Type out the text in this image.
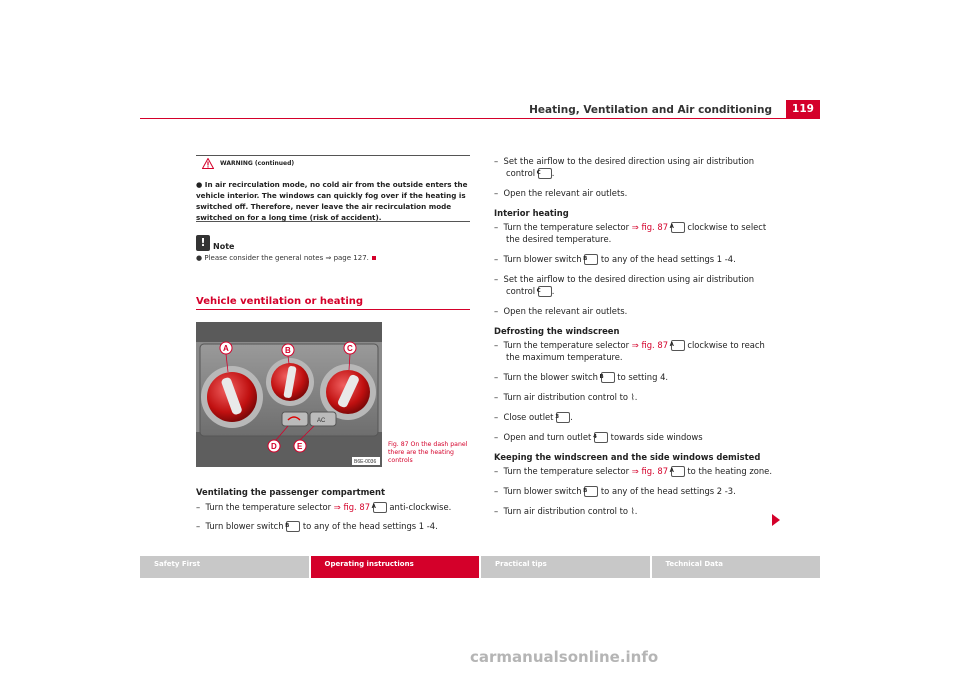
Heating, Ventilation and Air conditioning	119
WARNING (continued)
● In air recirculation mode, no cold air from the outside enters the vehicle interior. The windows can quickly fog over if the heating is switched off. Therefore, never leave the air recirculation mode switched on for a long time (risk of accident).
! Note
● Please consider the general notes ⇒ page 127.
Vehicle ventilation or heating
AC
A	B	C
D	E
B6E-0036
Fig. 87 On the dash panel there are the heating controls
Ventilating the passenger compartment
–  Turn the temperature selector ⇒ fig. 87 A anti-clockwise.
–  Turn blower switch B to any of the head settings 1 -4.
–  Set the airflow to the desired direction using air distribution control C .
–  Open the relevant air outlets.
Interior heating
–  Turn the temperature selector ⇒ fig. 87 A clockwise to select the desired temperature.
–  Turn blower switch B to any of the head settings 1 -4.
–  Set the airflow to the desired direction using air distribution control C .
–  Open the relevant air outlets.
Defrosting the windscreen
–  Turn the temperature selector ⇒ fig. 87 A clockwise to reach the maximum temperature.
–  Turn the blower switch B to setting 4.
–  Turn air distribution control to ⌇.
–  Close outlet 3 .
–  Open and turn outlet 4 towards side windows
Keeping the windscreen and the side windows demisted
–  Turn the temperature selector ⇒ fig. 87 A to the heating zone.
–  Turn blower switch B to any of the head settings 2 -3.
–  Turn air distribution control to ⌇.
Safety First	Operating instructions	Practical tips	Technical Data
carmanualsonline.info
